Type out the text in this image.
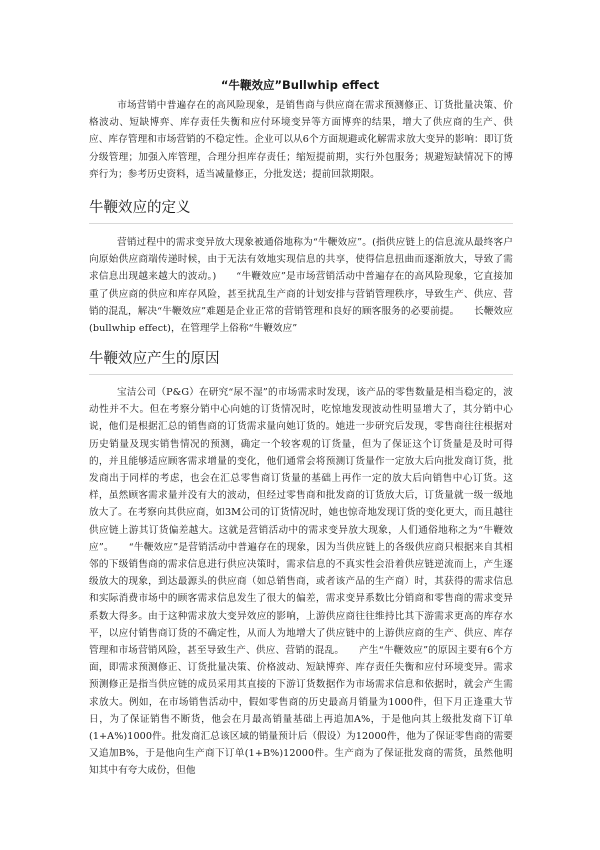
“牛鞭效应”Bullwhip effect

市场营销中普遍存在的高风险现象，是销售商与供应商在需求预测修正、订货批量决策、价格波动、短缺博弈、库存责任失衡和应付环境变异等方面博弈的结果，增大了供应商的生产、供应、库存管理和市场营销的不稳定性。企业可以从6个方面规避或化解需求放大变异的影响：即订货分级管理；加强入库管理，合理分担库存责任；缩短提前期，实行外包服务；规避短缺情况下的博弈行为；参考历史资料，适当减量修正，分批发送；提前回款期限。

牛鞭效应的定义

营销过程中的需求变异放大现象被通俗地称为“牛鞭效应”。(指供应链上的信息流从最终客户向原始供应商端传递时候，由于无法有效地实现信息的共享，使得信息扭曲而逐渐放大，导致了需求信息出现越来越大的波动。)　　“牛鞭效应”是市场营销活动中普遍存在的高风险现象，它直接加重了供应商的供应和库存风险，甚至扰乱生产商的计划安排与营销管理秩序，导致生产、供应、营销的混乱，解决“牛鞭效应”难题是企业正常的营销管理和良好的顾客服务的必要前提。　　长鞭效应(bullwhip effect)，在管理学上俗称“牛鞭效应”

牛鞭效应产生的原因

宝洁公司（P&G）在研究“尿不湿”的市场需求时发现，该产品的零售数量是相当稳定的，波动性并不大。但在考察分销中心向她的订货情况时，吃惊地发现波动性明显增大了，其分销中心说，他们是根据汇总的销售商的订货需求量向她订货的。她进一步研究后发现，零售商往往根据对历史销量及现实销售情况的预测，确定一个较客观的订货量，但为了保证这个订货量是及时可得的，并且能够适应顾客需求增量的变化，他们通常会将预测订货量作一定放大后向批发商订货，批发商出于同样的考虑，也会在汇总零售商订货量的基础上再作一定的放大后向销售中心订货。这样，虽然顾客需求量并没有大的波动，但经过零售商和批发商的订货放大后，订货量就一级一级地放大了。在考察向其供应商，如3M公司的订货情况时，她也惊奇地发现订货的变化更大，而且越往供应链上游其订货偏差越大。这就是营销活动中的需求变异放大现象，人们通俗地称之为“牛鞭效应”。　　“牛鞭效应”是营销活动中普遍存在的现象，因为当供应链上的各级供应商只根据来自其相邻的下级销售商的需求信息进行供应决策时，需求信息的不真实性会沿着供应链逆流而上，产生逐级放大的现象，到达最源头的供应商（如总销售商，或者该产品的生产商）时，其获得的需求信息和实际消费市场中的顾客需求信息发生了很大的偏差，需求变异系数比分销商和零售商的需求变异系数大得多。由于这种需求放大变异效应的影响，上游供应商往往维持比其下游需求更高的库存水平，以应付销售商订货的不确定性，从而人为地增大了供应链中的上游供应商的生产、供应、库存管理和市场营销风险，甚至导致生产、供应、营销的混乱。　　产生“牛鞭效应”的原因主要有6个方面，即需求预测修正、订货批量决策、价格波动、短缺博弈、库存责任失衡和应付环境变异。需求预测修正是指当供应链的成员采用其直接的下游订货数据作为市场需求信息和依据时，就会产生需求放大。例如，在市场销售活动中，假如零售商的历史最高月销量为1000件，但下月正逢重大节日，为了保证销售不断货，他会在月最高销量基础上再追加A%，于是他向其上级批发商下订单(1+A%)1000件。批发商汇总该区域的销量预计后（假设）为12000件，他为了保证零售商的需要又追加B%，于是他向生产商下订单(1+B%)12000件。生产商为了保证批发商的需货，虽然他明知其中有夸大成份，但他
